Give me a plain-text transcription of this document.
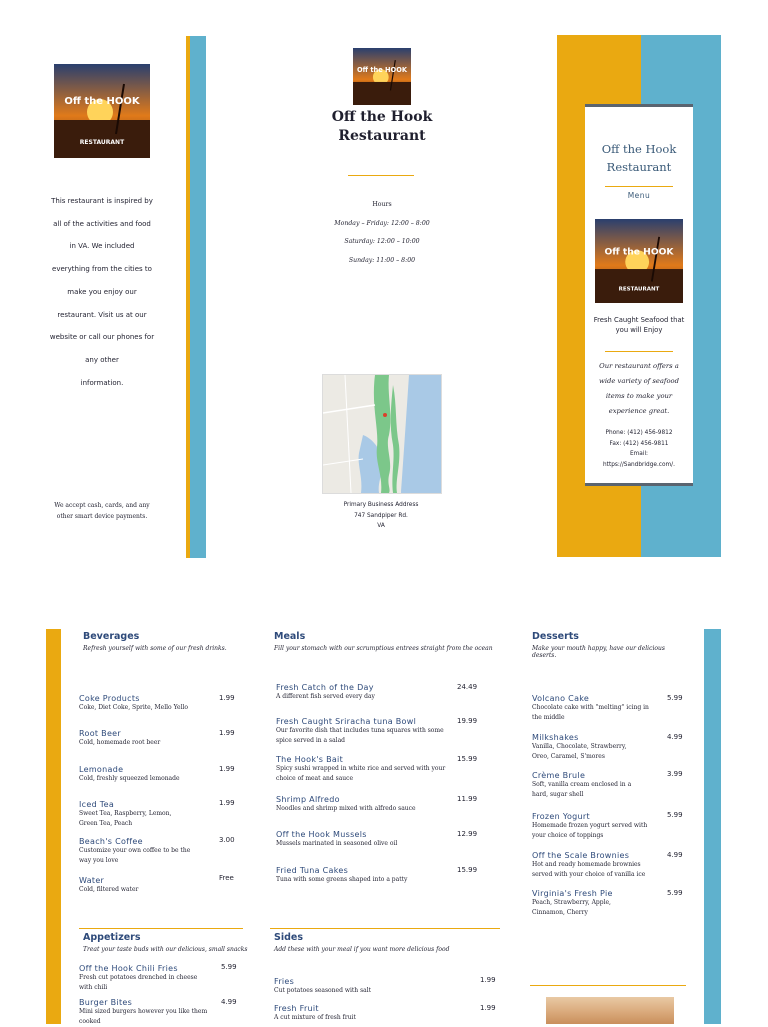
Off the HOOK
RESTAURANT
This restaurant is inspired by
all of the activities and food
in VA. We included
everything from the cities to
make you enjoy our
restaurant. Visit us at our
website or call our phones for
any other
information.
We accept cash, cards, and any other smart device payments.
Off the HOOK
Off the Hook
Restaurant
Hours
Monday – Friday: 12:00 – 8:00
Saturday: 12:00 – 10:00
Sunday: 11:00 – 8:00
Primary Business Address
747 Sandpiper Rd.
VA
Off the Hook
Restaurant
Menu
Off the HOOK
RESTAURANT
Fresh Caught Seafood that you will Enjoy
Our restaurant offers a wide variety of seafood items to make your experience great.
Phone: (412) 456-9812
Fax: (412) 456-9811
Email:
https://Sandbridge.com/.
Beverages
Refresh yourself with some of our fresh drinks.
Coke Products
Coke, Diet Coke, Sprite, Mello Yello
1.99
Root Beer
Cold, homemade root beer
1.99
Lemonade
Cold, freshly squeezed lemonade
1.99
Iced Tea
Sweet Tea, Raspberry, Lemon, Green Tea, Peach
1.99
Beach's Coffee
Customize your own coffee to be the way you love
3.00
Water
Cold, filtered water
Free
Appetizers
Treat your taste buds with our delicious, small snacks
Off the Hook Chili Fries
Fresh cut potatoes drenched in cheese with chili
5.99
Burger Bites
Mini sized burgers however you like them cooked
4.99
Meals
Fill your stomach with our scrumptious entrees straight from the ocean
Fresh Catch of the Day
A different fish served every day
24.49
Fresh Caught Sriracha tuna Bowl
Our favorite dish that includes tuna squares with some spice served in a salad
19.99
The Hook's Bait
Spicy sushi wrapped in white rice and served with your choice of meat and sauce
15.99
Shrimp Alfredo
Noodles and shrimp mixed with alfredo sauce
11.99
Off the Hook Mussels
Mussels marinated in seasoned olive oil
12.99
Fried Tuna Cakes
Tuna with some greens shaped into a patty
15.99
Sides
Add these with your meal if you want more delicious food
Fries
Cut potatoes seasoned with salt
1.99
Fresh Fruit
A cut mixture of fresh fruit
1.99
Desserts
Make your mouth happy, have our delicious deserts.
Volcano Cake
Chocolate cake with "melting" icing in the middle
5.99
Milkshakes
Vanilla, Chocolate, Strawberry, Oreo, Caramel, S'mores
4.99
Crème Brule
Soft, vanilla cream enclosed in a hard, sugar shell
3.99
Frozen Yogurt
Homemade frozen yogurt served with your choice of toppings
5.99
Off the Scale Brownies
Hot and ready homemade brownies served with your choice of vanilla ice
4.99
Virginia's Fresh Pie
Peach, Strawberry, Apple, Cinnamon, Cherry
5.99
